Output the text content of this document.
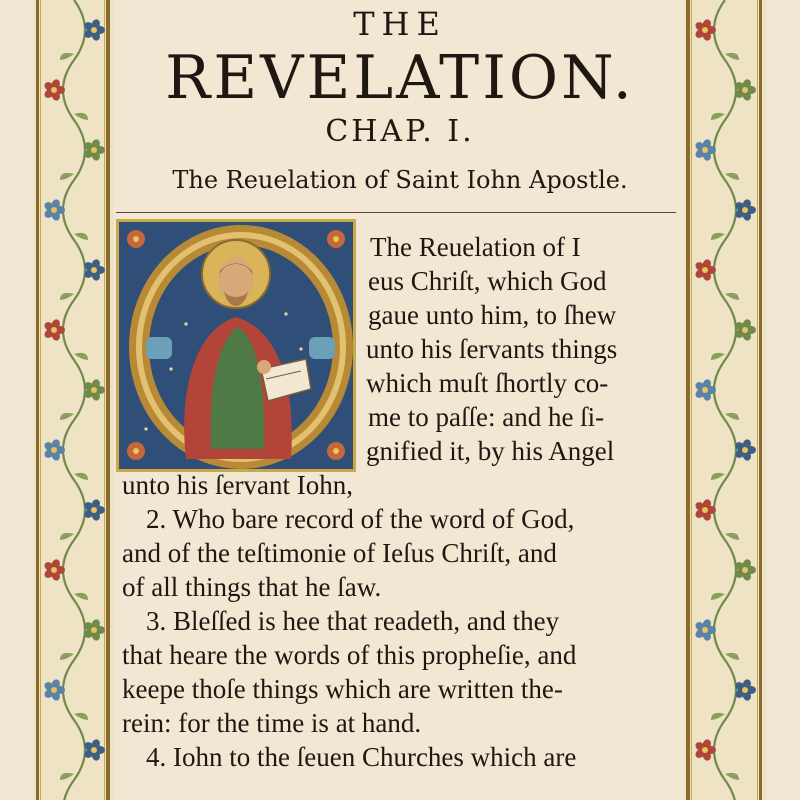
THE
REVELATION.
CHAP. I.
The Reuelation of Saint Iohn Apostle.
The Reuelation of I
eus Chriſt, which God
gaue unto him, to ſhew
unto his ſervants things
which muſt ſhortly co-
me to paſſe: and he ſi-
gnified it, by his Angel
unto his ſervant Iohn,
2. Who bare record of the word of God,
and of the teſtimonie of Ieſus Chriſt, and
of all things that he ſaw.
3. Bleſſed is hee that readeth, and they
that heare the words of this propheſie, and
keepe thoſe things which are written the-
rein: for the time is at hand.
4. Iohn to the ſeuen Churches which are
